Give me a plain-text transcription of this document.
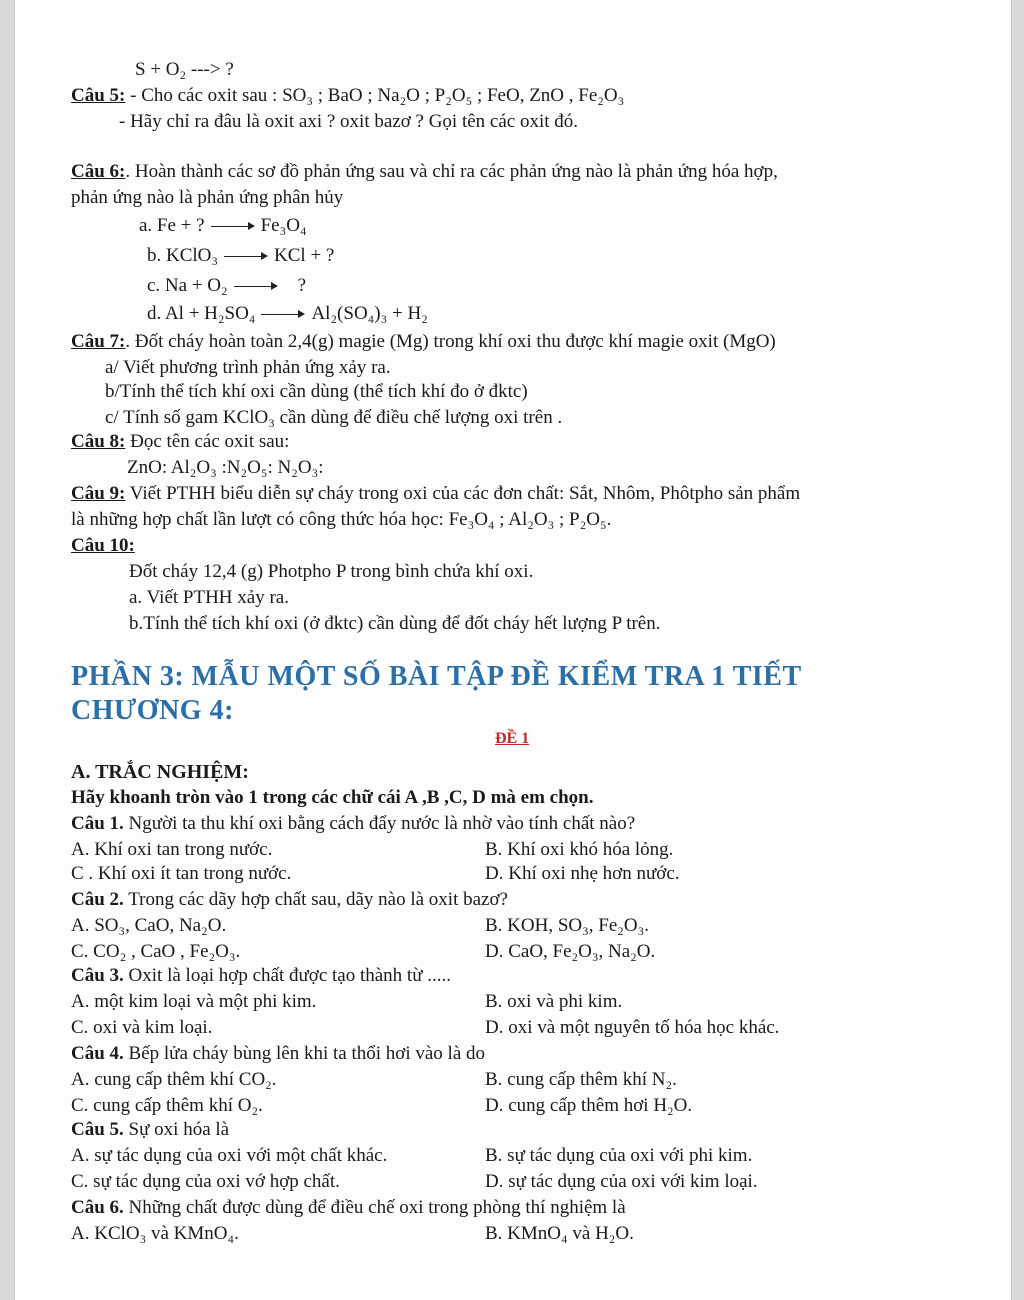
S + O₂ ---> ?
Câu 5: - Cho các oxit sau : SO₃ ; BaO ; Na₂O ; P₂O₅ ; FeO, ZnO , Fe₂O₃
- Hãy chỉ ra đâu là oxit axi ? oxit bazơ ? Gọi tên các oxit đó.
Câu 6:. Hoàn thành các sơ đồ phản ứng sau và chỉ ra các phản ứng nào là phản ứng hóa hợp,
phản ứng nào là phản ứng phân hủy
a. Fe + ?	Fe₃O₄
b. KClO₃	KCl + ?
c. Na + O₂	?
d. Al + H₂SO₄	Al₂(SO₄)₃ + H₂
Câu 7:. Đốt cháy hoàn toàn 2,4(g) magie (Mg) trong khí oxi thu được khí magie oxit (MgO)
a/ Viết phương trình phản ứng xảy ra.
b/Tính thể tích khí oxi cần dùng (thể tích khí đo ở đktc)
c/ Tính số gam KClO₃ cần dùng để điều chế lượng oxi trên .
Câu 8: Đọc tên các oxit sau:
ZnO: Al₂O₃ :N₂O₅: N₂O₃:
Câu 9: Viết PTHH biểu diễn sự cháy trong oxi của các đơn chất: Sắt, Nhôm, Phôtpho sản phẩm
là những hợp chất lần lượt có công thức hóa học: Fe₃O₄ ; Al₂O₃ ; P₂O₅.
Câu 10:
Đốt cháy 12,4 (g) Photpho P trong bình chứa khí oxi.
a. Viết PTHH xảy ra.
b.Tính thể tích khí oxi (ở đktc) cần dùng để đốt cháy hết lượng P trên.
PHẦN 3: MẪU MỘT SỐ BÀI TẬP ĐỀ KIỂM TRA 1 TIẾT
CHƯƠNG 4:
ĐỀ 1
A. TRẮC NGHIỆM:
Hãy khoanh tròn vào 1 trong các chữ cái A ,B ,C, D mà em chọn.
Câu 1. Người ta thu khí oxi bằng cách đẩy nước là nhờ vào tính chất nào?
A. Khí oxi tan trong nước.	B. Khí oxi khó hóa lỏng.
C . Khí oxi ít tan trong nước.	D. Khí oxi nhẹ hơn nước.
Câu 2. Trong các dãy hợp chất sau, dãy nào là oxit bazơ?
A. SO₃, CaO, Na₂O.	B. KOH, SO₃, Fe₂O₃.
C. CO₂ , CaO , Fe₂O₃.	D. CaO, Fe₂O₃, Na₂O.
Câu 3. Oxit là loại hợp chất được tạo thành từ .....
A. một kim loại và một phi kim.	B. oxi và phi kim.
C. oxi và kim loại.	D. oxi và một nguyên tố hóa học khác.
Câu 4. Bếp lửa cháy bùng lên khi ta thổi hơi vào là do
A. cung cấp thêm khí CO₂.	B. cung cấp thêm khí N₂.
C. cung cấp thêm khí O₂.	D. cung cấp thêm hơi H₂O.
Câu 5. Sự oxi hóa là
A. sự tác dụng của oxi với một chất khác.	B. sự tác dụng của oxi với phi kim.
C. sự tác dụng của oxi vớ hợp chất.	D. sự tác dụng của oxi với kim loại.
Câu 6. Những chất được dùng để điều chế oxi trong phòng thí nghiệm là
A. KClO₃ và KMnO₄.	B. KMnO₄ và H₂O.
